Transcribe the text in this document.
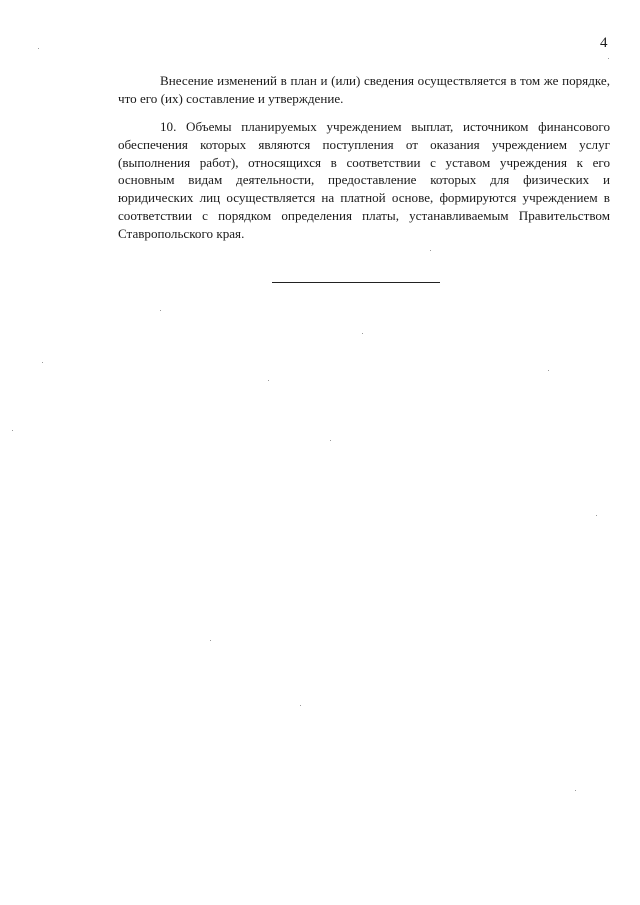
4

Внесение изменений в план и (или) сведения осуществляется в том же порядке, что его (их) составление и утверждение.

10. Объемы планируемых учреждением выплат, источником финансового обеспечения которых являются поступления от оказания учреждением услуг (выполнения работ), относящихся в соответствии с уставом учреждения к его основным видам деятельности, предоставление которых для физических и юридических лиц осуществляется на платной основе, формируются учреждением в соответствии с порядком определения платы, устанавливаемым Правительством Ставропольского края.
